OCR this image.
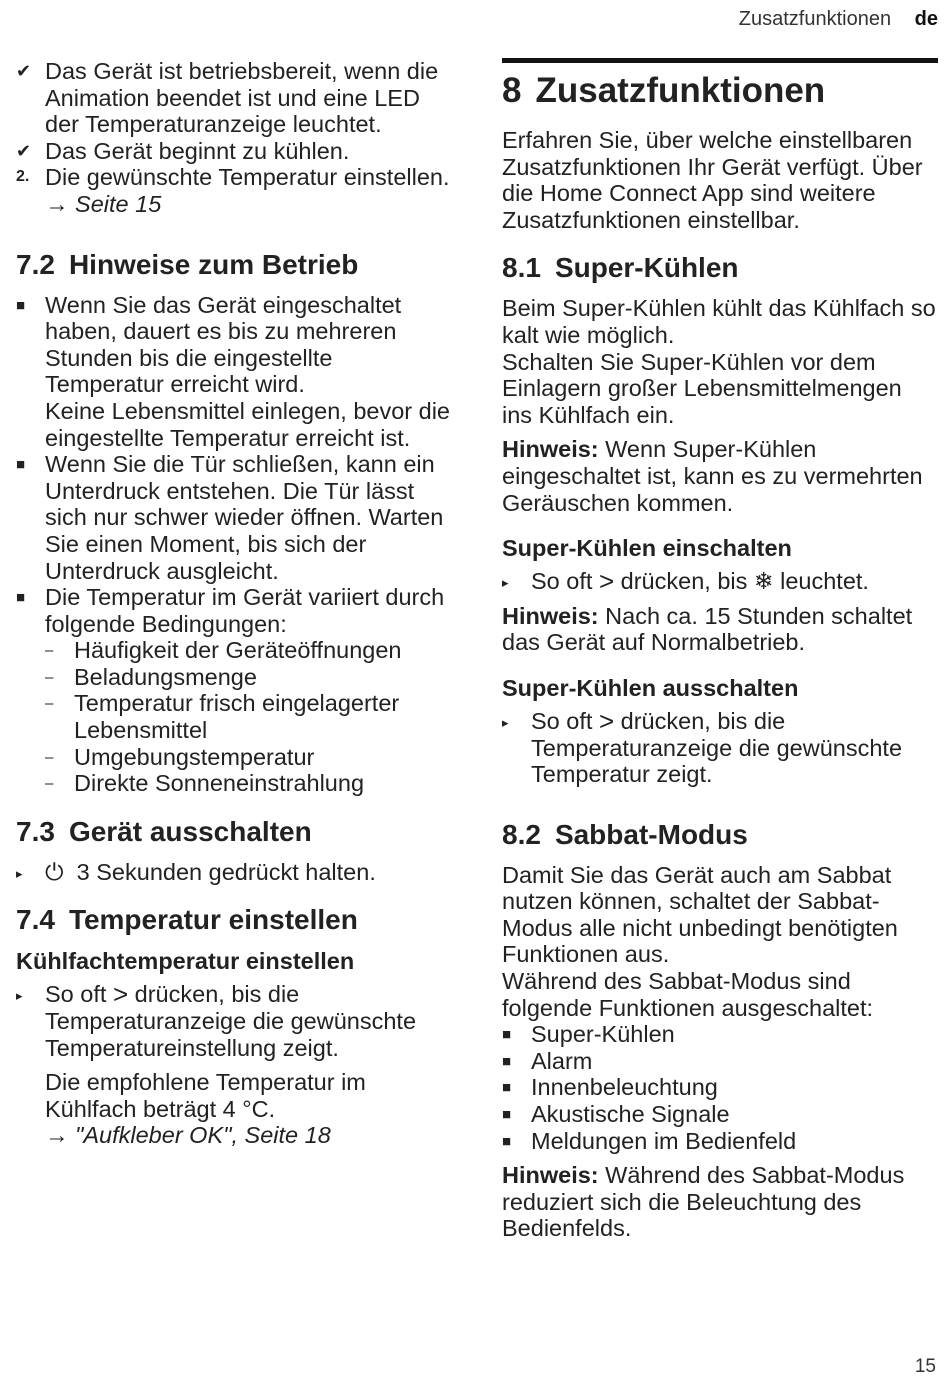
Zusatzfunktionen de
✔ Das Gerät ist betriebsbereit, wenn die Animation beendet ist und eine LED der Temperaturanzeige leuchtet.
✔ Das Gerät beginnt zu kühlen.
2. Die gewünschte Temperatur einstellen. → Seite 15
7.2 Hinweise zum Betrieb
■ Wenn Sie das Gerät eingeschaltet haben, dauert es bis zu mehreren Stunden bis die eingestellte Temperatur erreicht wird.
Keine Lebensmittel einlegen, bevor die eingestellte Temperatur erreicht ist.
■ Wenn Sie die Tür schließen, kann ein Unterdruck entstehen. Die Tür lässt sich nur schwer wieder öffnen. Warten Sie einen Moment, bis sich der Unterdruck ausgleicht.
■ Die Temperatur im Gerät variiert durch folgende Bedingungen:
– Häufigkeit der Geräteöffnungen
– Beladungsmenge
– Temperatur frisch eingelagerter Lebensmittel
– Umgebungstemperatur
– Direkte Sonneneinstrahlung
7.3 Gerät ausschalten
▸ ⏻ 3 Sekunden gedrückt halten.
7.4 Temperatur einstellen
Kühlfachtemperatur einstellen
▸ So oft > drücken, bis die Temperaturanzeige die gewünschte Temperatureinstellung zeigt.
Die empfohlene Temperatur im Kühlfach beträgt 4 °C.
→ "Aufkleber OK", Seite 18
8 Zusatzfunktionen

Erfahren Sie, über welche einstellbaren Zusatzfunktionen Ihr Gerät verfügt. Über die Home Connect App sind weitere Zusatzfunktionen einstellbar.

8.1 Super-Kühlen

Beim Super-Kühlen kühlt das Kühlfach so kalt wie möglich.

Schalten Sie Super-Kühlen vor dem Einlagern großer Lebensmittelmengen ins Kühlfach ein.

Hinweis: Wenn Super-Kühlen eingeschaltet ist, kann es zu vermehrten Geräuschen kommen.

Super-Kühlen einschalten
▸ So oft > drücken, bis ❄ leuchtet.

Hinweis: Nach ca. 15 Stunden schaltet das Gerät auf Normalbetrieb.

Super-Kühlen ausschalten
▸ So oft > drücken, bis die Temperaturanzeige die gewünschte Temperatur zeigt.
8.2 Sabbat-Modus

Damit Sie das Gerät auch am Sabbat nutzen können, schaltet der Sabbat-Modus alle nicht unbedingt benötigten Funktionen aus.

Während des Sabbat-Modus sind folgende Funktionen ausgeschaltet:

■ Super-Kühlen
■ Alarm
■ Innenbeleuchtung
■ Akustische Signale
■ Meldungen im Bedienfeld

Hinweis: Während des Sabbat-Modus reduziert sich die Beleuchtung des Bedienfelds.

15
